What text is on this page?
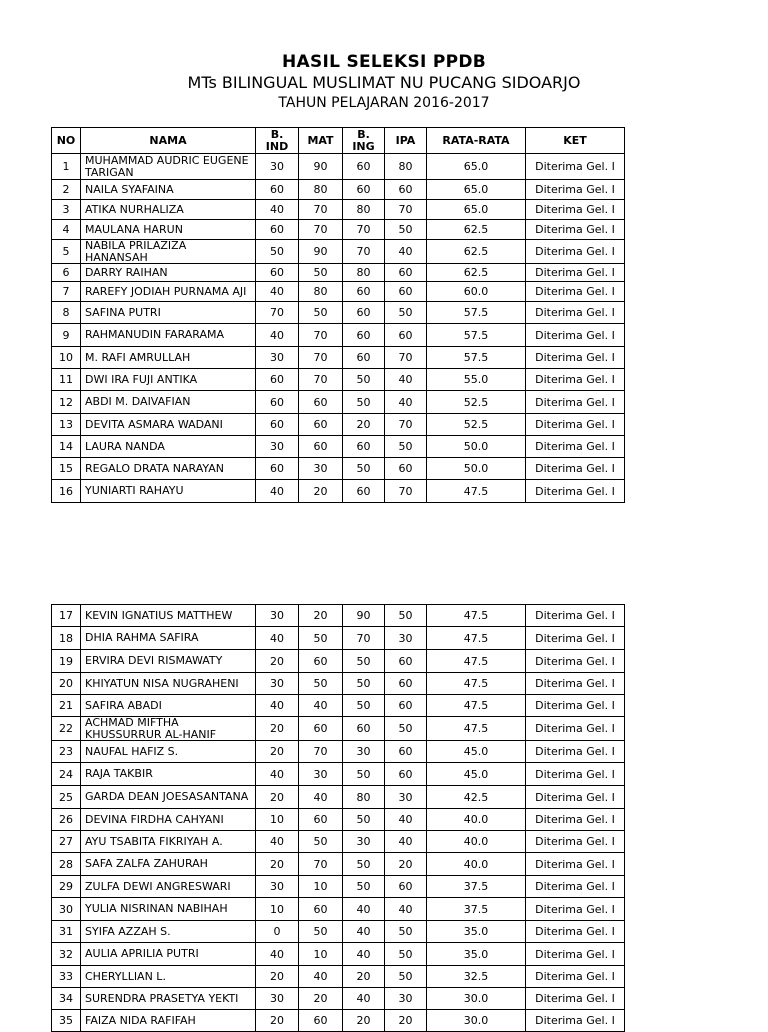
HASIL SELEKSI PPDB
MTs BILINGUAL MUSLIMAT NU PUCANG SIDOARJO
TAHUN PELAJARAN 2016-2017
NO	NAMA	B. IND	MAT	B. ING	IPA	RATA-RATA	KET
1	MUHAMMAD AUDRIC EUGENE TARIGAN	30	90	60	80	65.0	Diterima Gel. I
2	NAILA SYAFAINA	60	80	60	60	65.0	Diterima Gel. I
3	ATIKA NURHALIZA	40	70	80	70	65.0	Diterima Gel. I
4	MAULANA HARUN	60	70	70	50	62.5	Diterima Gel. I
5	NABILA PRILAZIZA HANANSAH	50	90	70	40	62.5	Diterima Gel. I
6	DARRY RAIHAN	60	50	80	60	62.5	Diterima Gel. I
7	RAREFY JODIAH PURNAMA AJI	40	80	60	60	60.0	Diterima Gel. I
8	SAFINA PUTRI	70	50	60	50	57.5	Diterima Gel. I
9	RAHMANUDIN FARARAMA	40	70	60	60	57.5	Diterima Gel. I
10	M. RAFI AMRULLAH	30	70	60	70	57.5	Diterima Gel. I
11	DWI IRA FUJI ANTIKA	60	70	50	40	55.0	Diterima Gel. I
12	ABDI M. DAIVAFIAN	60	60	50	40	52.5	Diterima Gel. I
13	DEVITA ASMARA WADANI	60	60	20	70	52.5	Diterima Gel. I
14	LAURA NANDA	30	60	60	50	50.0	Diterima Gel. I
15	REGALO DRATA NARAYAN	60	30	50	60	50.0	Diterima Gel. I
16	YUNIARTI RAHAYU	40	20	60	70	47.5	Diterima Gel. I
17	KEVIN IGNATIUS MATTHEW	30	20	90	50	47.5	Diterima Gel. I
18	DHIA RAHMA SAFIRA	40	50	70	30	47.5	Diterima Gel. I
19	ERVIRA DEVI RISMAWATY	20	60	50	60	47.5	Diterima Gel. I
20	KHIYATUN NISA NUGRAHENI	30	50	50	60	47.5	Diterima Gel. I
21	SAFIRA ABADI	40	40	50	60	47.5	Diterima Gel. I
22	ACHMAD MIFTHA KHUSSURRUR AL-HANIF	20	60	60	50	47.5	Diterima Gel. I
23	NAUFAL HAFIZ S.	20	70	30	60	45.0	Diterima Gel. I
24	RAJA TAKBIR	40	30	50	60	45.0	Diterima Gel. I
25	GARDA DEAN JOESASANTANA	20	40	80	30	42.5	Diterima Gel. I
26	DEVINA FIRDHA CAHYANI	10	60	50	40	40.0	Diterima Gel. I
27	AYU TSABITA FIKRIYAH A.	40	50	30	40	40.0	Diterima Gel. I
28	SAFA ZALFA ZAHURAH	20	70	50	20	40.0	Diterima Gel. I
29	ZULFA DEWI ANGRESWARI	30	10	50	60	37.5	Diterima Gel. I
30	YULIA NISRINAN NABIHAH	10	60	40	40	37.5	Diterima Gel. I
31	SYIFA AZZAH S.	0	50	40	50	35.0	Diterima Gel. I
32	AULIA APRILIA PUTRI	40	10	40	50	35.0	Diterima Gel. I
33	CHERYLLIAN L.	20	40	20	50	32.5	Diterima Gel. I
34	SURENDRA PRASETYA YEKTI	30	20	40	30	30.0	Diterima Gel. I
35	FAIZA NIDA RAFIFAH	20	60	20	20	30.0	Diterima Gel. I
